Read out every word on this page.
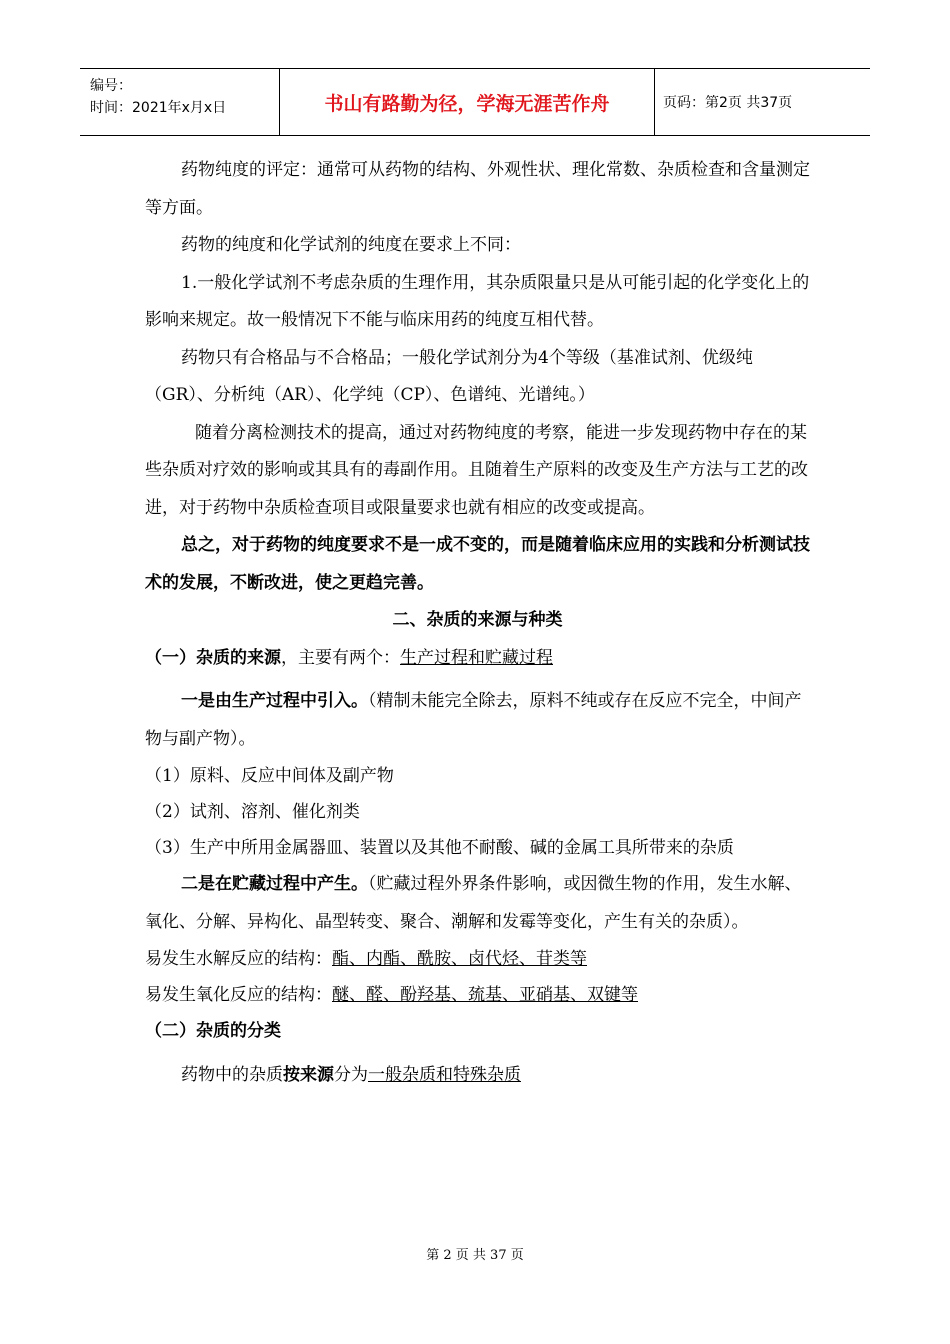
编号：
时间：2021年x月x日	书山有路勤为径，学海无涯苦作舟	页码：第2页 共37页

药物纯度的评定：通常可从药物的结构、外观性状、理化常数、杂质检查和含量测定等方面。

药物的纯度和化学试剂的纯度在要求上不同：

1.一般化学试剂不考虑杂质的生理作用，其杂质限量只是从可能引起的化学变化上的影响来规定。故一般情况下不能与临床用药的纯度互相代替。

药物只有合格品与不合格品；一般化学试剂分为4个等级（基准试剂、优级纯（GR）、分析纯（AR）、化学纯（CP）、色谱纯、光谱纯。）

随着分离检测技术的提高，通过对药物纯度的考察，能进一步发现药物中存在的某些杂质对疗效的影响或其具有的毒副作用。且随着生产原料的改变及生产方法与工艺的改进，对于药物中杂质检查项目或限量要求也就有相应的改变或提高。

总之，对于药物的纯度要求不是一成不变的，而是随着临床应用的实践和分析测试技术的发展，不断改进，使之更趋完善。

二、杂质的来源与种类

（一）杂质的来源，主要有两个：生产过程和贮藏过程

一是由生产过程中引入。（精制未能完全除去，原料不纯或存在反应不完全，中间产物与副产物）。

（1）原料、反应中间体及副产物

（2）试剂、溶剂、催化剂类

（3）生产中所用金属器皿、装置以及其他不耐酸、碱的金属工具所带来的杂质

二是在贮藏过程中产生。（贮藏过程外界条件影响，或因微生物的作用，发生水解、氧化、分解、异构化、晶型转变、聚合、潮解和发霉等变化，产生有关的杂质）。

易发生水解反应的结构：酯、内酯、酰胺、卤代烃、苷类等

易发生氧化反应的结构：醚、醛、酚羟基、巯基、亚硝基、双键等

（二）杂质的分类

药物中的杂质按来源分为一般杂质和特殊杂质

第 2 页 共 37 页
